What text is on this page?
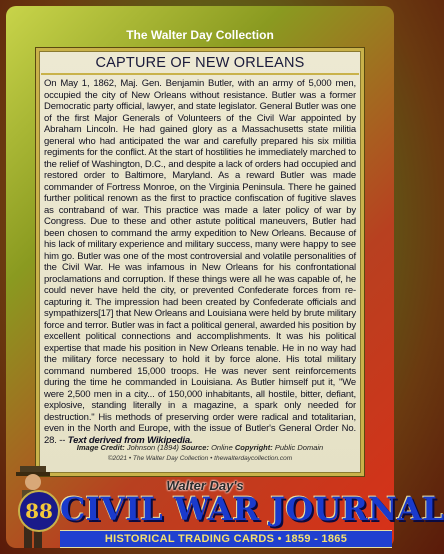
The Walter Day Collection
CAPTURE OF NEW ORLEANS
On May 1, 1862, Maj. Gen. Benjamin Butler, with an army of 5,000 men, occupied the city of New Orleans without resistance. Butler was a former Democratic party official, lawyer, and state legislator. General Butler was one of the first Major Generals of Volunteers of the Civil War appointed by Abraham Lincoln. He had gained glory as a Massachusetts state militia general who had anticipated the war and carefully prepared his six militia regiments for the conflict. At the start of hostilities he immediately marched to the relief of Washington, D.C., and despite a lack of orders had occupied and restored order to Baltimore, Maryland. As a reward Butler was made commander of Fortress Monroe, on the Virginia Peninsula. There he gained further political renown as the first to practice confiscation of fugitive slaves as contraband of war. This practice was made a later policy of war by Congress. Due to these and other astute political maneuvers, Butler had been chosen to command the army expedition to New Orleans. Because of his lack of military experience and military success, many were happy to see him go. Butler was one of the most controversial and volatile personalities of the Civil War. He was infamous in New Orleans for his confrontational proclamations and corruption. If these things were all he was capable of, he could never have held the city, or prevented Confederate forces from re-capturing it. The impression had been created by Confederate officials and sympathizers[17] that New Orleans and Louisiana were held by brute military force and terror. Butler was in fact a political general, awarded his position by excellent political connections and accomplishments. It was his political expertise that made his position in New Orleans tenable. He in no way had the military force necessary to hold it by force alone. His total military command numbered 15,000 troops. He was never sent reinforcements during the time he commanded in Louisiana. As Butler himself put it, "We were 2,500 men in a city... of 150,000 inhabitants, all hostile, bitter, defiant, explosive, standing literally in a magazine, a spark only needed for destruction." His methods of preserving order were radical and totalitarian, even in the North and Europe, with the issue of Butler's General Order No. 28. -- Text derived from Wikipedia.
Image Credit: Johnson (1894) Source: Online Copyright: Public Domain
©2021 • The Walter Day Collection • thewalterdaycollection.com
88
Walter Day's
CIVIL WAR JOURNAL
HISTORICAL TRADING CARDS • 1859 - 1865
